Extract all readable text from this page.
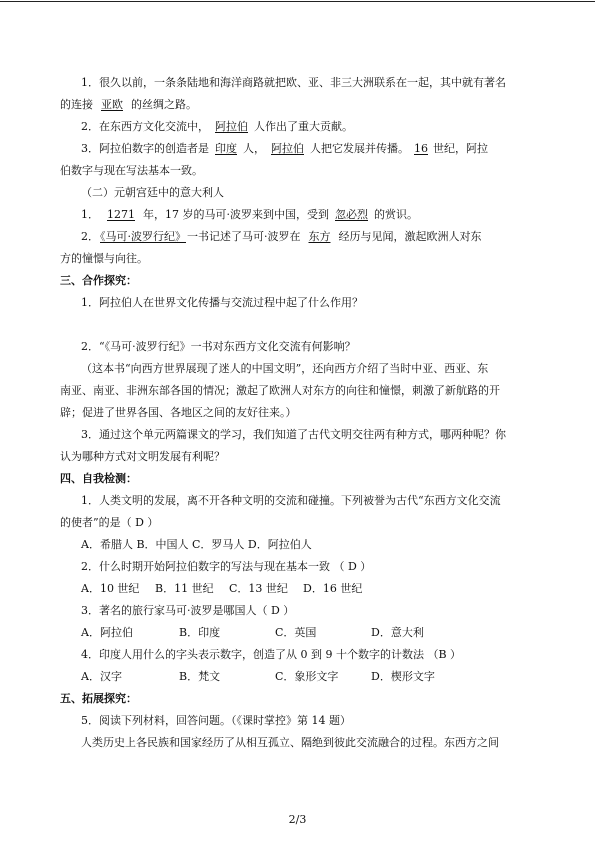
1．很久以前，一条条陆地和海洋商路就把欧、亚、非三大洲联系在一起，其中就有著名

的连接 亚欧 的丝绸之路。

2．在东西方文化交流中， 阿拉伯 人作出了重大贡献。

3．阿拉伯数字的创造者是 印度 人， 阿拉伯 人把它发展并传播。 16 世纪，阿拉

伯数字与现在写法基本一致。

（二）元朝宫廷中的意大利人

1． 1271 年，17 岁的马可·波罗来到中国，受到 忽必烈 的赏识。

2．《马可·波罗行纪》一书记述了马可·波罗在 东方 经历与见闻，激起欧洲人对东

方的憧憬与向往。

三、合作探究：

1．阿拉伯人在世界文化传播与交流过程中起了什么作用？

2．“《马可·波罗行纪》一书对东西方文化交流有何影响？

（这本书“向西方世界展现了迷人的中国文明”，还向西方介绍了当时中亚、西亚、东

南亚、南亚、非洲东部各国的情况；激起了欧洲人对东方的向往和憧憬，刺激了新航路的开

辟；促进了世界各国、各地区之间的友好往来。）

3．通过这个单元两篇课文的学习，我们知道了古代文明交往两有种方式，哪两种呢？你

认为哪种方式对文明发展有利呢？

四、自我检测：

1．人类文明的发展，离不开各种文明的交流和碰撞。下列被誉为古代“东西方文化交流

的使者”的是（ D ）

A．希腊人 B．中国人 C．罗马人 D．阿拉伯人

2．什么时期开始阿拉伯数字的写法与现在基本一致 （ D ）

A．10 世纪 B．11 世纪 C．13 世纪 D．16 世纪

3．著名的旅行家马可·波罗是哪国人（ D ）

A．阿拉伯	B．印度	C．英国	D．意大利

4．印度人用什么的字头表示数字，创造了从 0 到 9 十个数字的计数法 （B ）

A．汉字	B．梵文	C．象形文字	D．楔形文字

五、拓展探究：

5．阅读下列材料，回答问题。（《课时掌控》第 14 题）

人类历史上各民族和国家经历了从相互孤立、隔绝到彼此交流融合的过程。东西方之间

2/3
